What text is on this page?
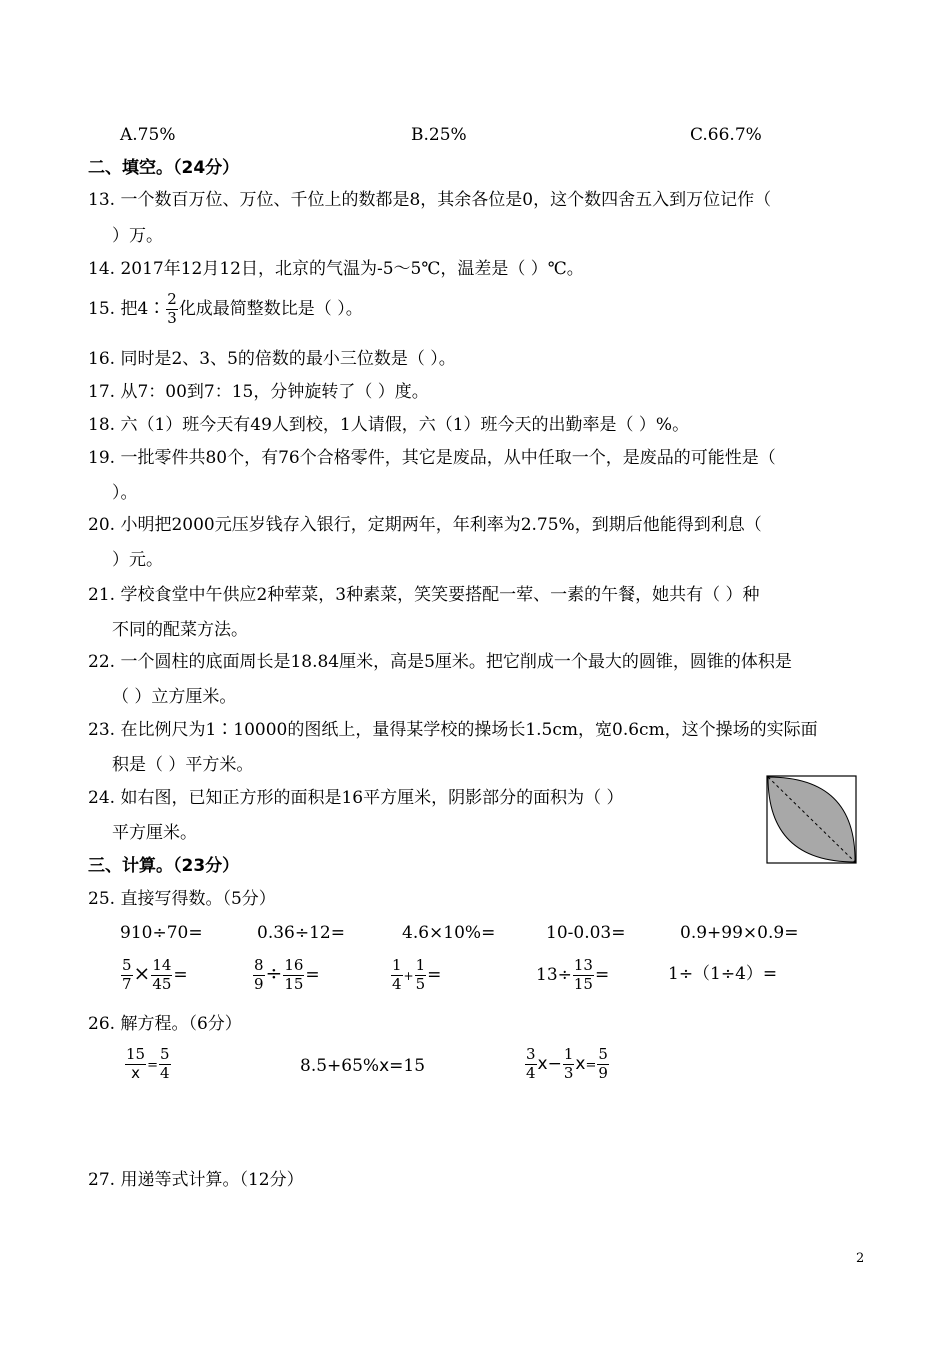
A.75%	B.25%	C.66.7%
二、填空。（24分）
13. 一个数百万位、万位、千位上的数都是8，其余各位是0，这个数四舍五入到万位记作（
）万。
14. 2017年12月12日，北京的气温为-5～5℃，温差是（ ）℃。
15. 把4∶ $\frac{2}{3}$ 化成最简整数比是（ ）。
16. 同时是2、3、5的倍数的最小三位数是（ ）。
17. 从7：00到7：15，分钟旋转了（ ）度。
18. 六（1）班今天有49人到校，1人请假，六（1）班今天的出勤率是（ ）%。
19. 一批零件共80个，有76个合格零件，其它是废品，从中任取一个，是废品的可能性是（
）。
20. 小明把2000元压岁钱存入银行，定期两年，年利率为2.75%，到期后他能得到利息（
）元。
21. 学校食堂中午供应2种荤菜，3种素菜，笑笑要搭配一荤、一素的午餐，她共有（ ）种
不同的配菜方法。
22. 一个圆柱的底面周长是18.84厘米，高是5厘米。把它削成一个最大的圆锥，圆锥的体积是
（ ）立方厘米。
23. 在比例尺为1∶10000的图纸上，量得某学校的操场长1.5cm，宽0.6cm，这个操场的实际面
积是（ ）平方米。
24. 如右图，已知正方形的面积是16平方厘米，阴影部分的面积为（ ）
平方厘米。
三、计算。（23分）
25. 直接写得数。（5分）
910÷70=	0.36÷12=	4.6×10%=	10-0.03=	0.9+99×0.9=
$\frac{5}{7} \times \frac{14}{45}$ =	$\frac{8}{9} \div \frac{16}{15}$ =	$\frac{1}{4} + \frac{1}{5}$ =	$13\div \frac{13}{15}$ =	1÷（1÷4）=
26. 解方程。（6分）
$\frac{15}{x} = \frac{5}{4}$	8.5+65%x=15	$\frac{3}{4} x- \frac{1}{3} x= \frac{5}{9}$
27. 用递等式计算。（12分）
2
